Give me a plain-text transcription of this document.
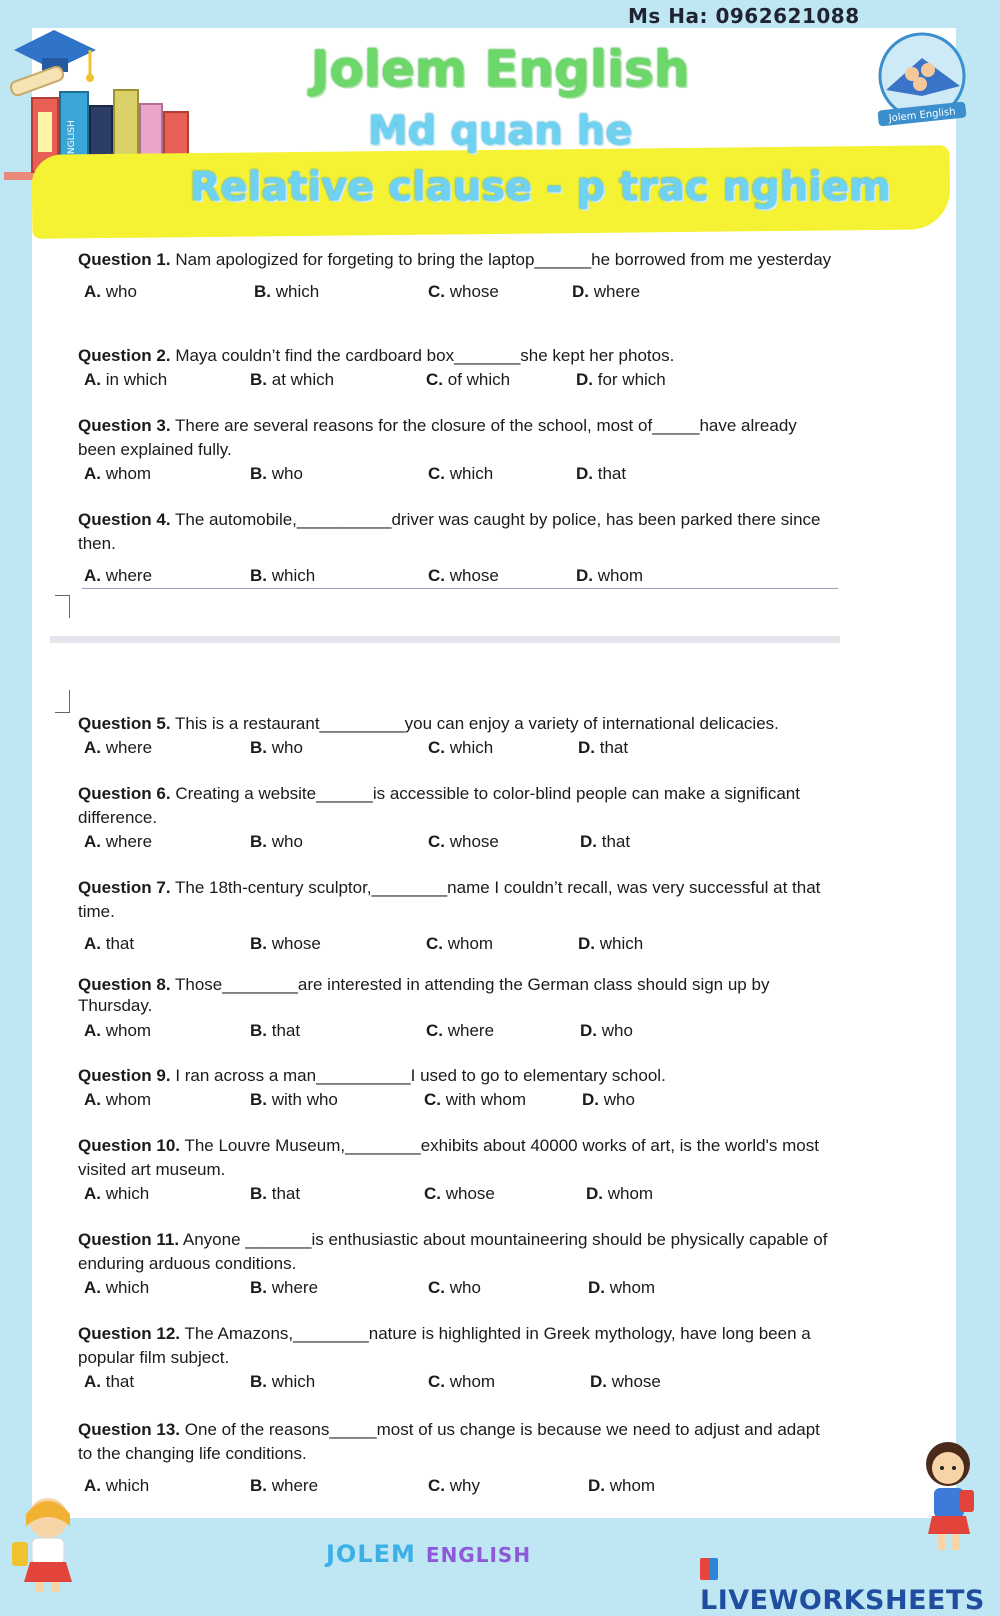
Ms Ha: 0962621088
ENGLISH
Jolem English
Md quan he
Relative clause - p trac nghiem
Jolem English
Question 1. Nam apologized for forgeting to bring the laptop______he borrowed from me yesterday
A. who	B. which	C. whose	D. where
Question 2. Maya couldn’t find the cardboard box_______she kept her photos.
A. in which	B. at which	C. of which	D. for which
Question 3. There are several reasons for the closure of the school, most of_____have already been explained fully.
A. whom	B. who	C. which	D. that
Question 4. The automobile,__________driver was caught by police, has been parked there since then.
A. where	B. which	C. whose	D. whom
Question 5. This is a restaurant_________you can enjoy a variety of international delicacies.
A. where	B. who	C. which	D. that
Question 6. Creating a website______is accessible to color-blind people can make a significant difference.
A. where	B. who	C. whose	D. that
Question 7. The 18th-century sculptor,________name I couldn’t recall, was very successful at that time.
A. that	B. whose	C. whom	D. which
Question 8. Those________are interested in attending the German class should sign up by Thursday.
A. whom	B. that	C. where	D. who
Question 9. I ran across a man__________I used to go to elementary school.
A. whom	B. with who	C. with whom	D. who
Question 10. The Louvre Museum,________exhibits about 40000 works of art, is the world's most visited art museum.
A. which	B. that	C. whose	D. whom
Question 11. Anyone _______is enthusiastic about mountaineering should be physically capable of enduring arduous conditions.
A. which	B. where	C. who	D. whom
Question 12. The Amazons,________nature is highlighted in Greek mythology, have long been a popular film subject.
A. that	B. which	C. whom	D. whose
Question 13. One of the reasons_____most of us change is because we need to adjust and adapt to the changing life conditions.
A. which	B. where	C. why	D. whom
JOLEM ENGLISH
LIVEWORKSHEETS
